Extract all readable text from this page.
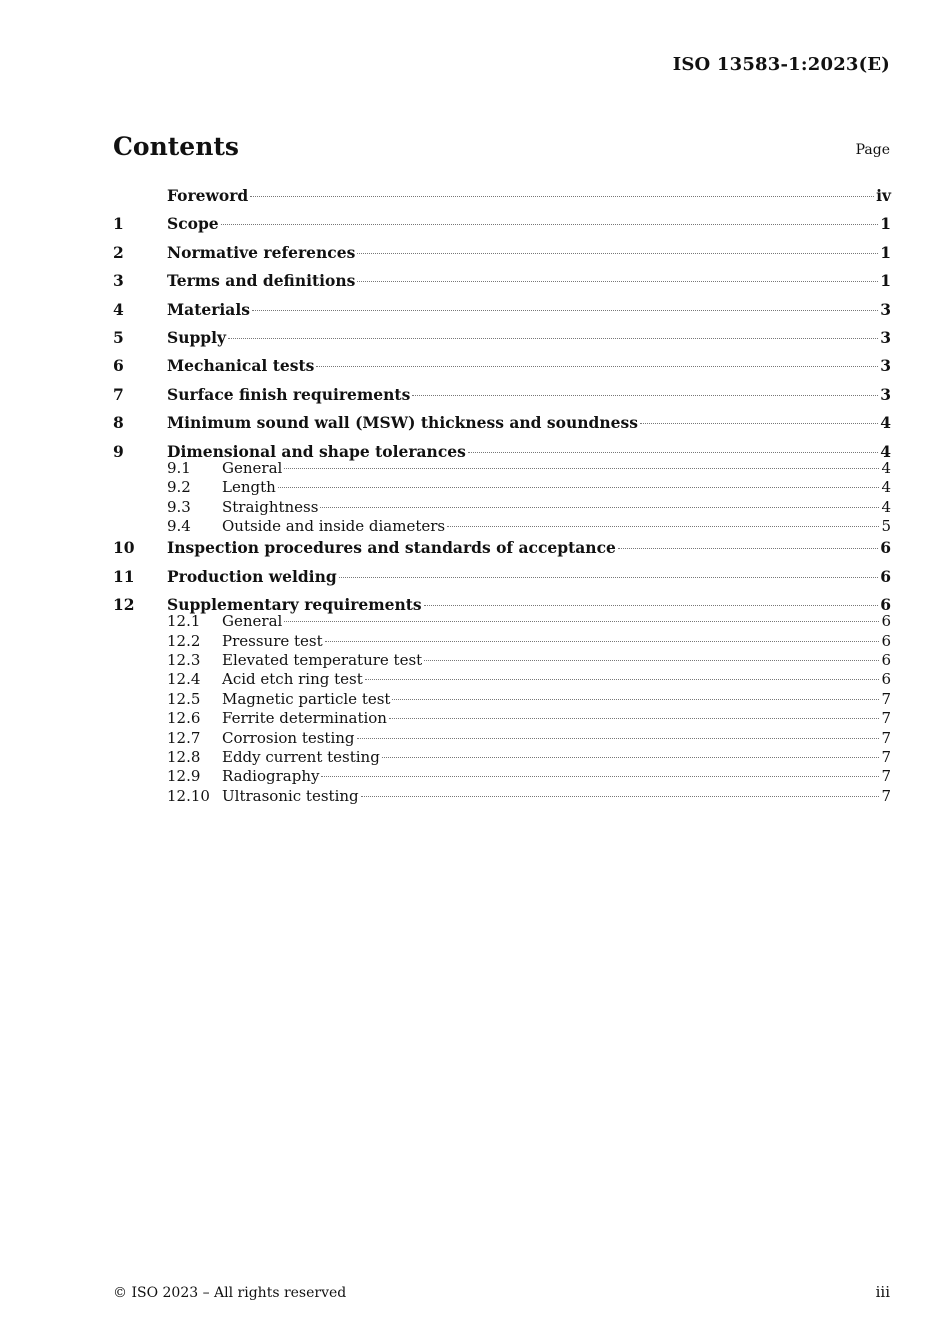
ISO 13583-1:2023(E)
Contents	Page
Foreword	iv
1	Scope	1
2	Normative references	1
3	Terms and definitions	1
4	Materials	3
5	Supply	3
6	Mechanical tests	3
7	Surface finish requirements	3
8	Minimum sound wall (MSW) thickness and soundness	4
9	Dimensional and shape tolerances	4
9.1	General	4
9.2	Length	4
9.3	Straightness	4
9.4	Outside and inside diameters	5
10	Inspection procedures and standards of acceptance	6
11	Production welding	6
12	Supplementary requirements	6
12.1	General	6
12.2	Pressure test	6
12.3	Elevated temperature test	6
12.4	Acid etch ring test	6
12.5	Magnetic particle test	7
12.6	Ferrite determination	7
12.7	Corrosion testing	7
12.8	Eddy current testing	7
12.9	Radiography	7
12.10 Ultrasonic testing	7
© ISO 2023 – All rights reserved	iii
